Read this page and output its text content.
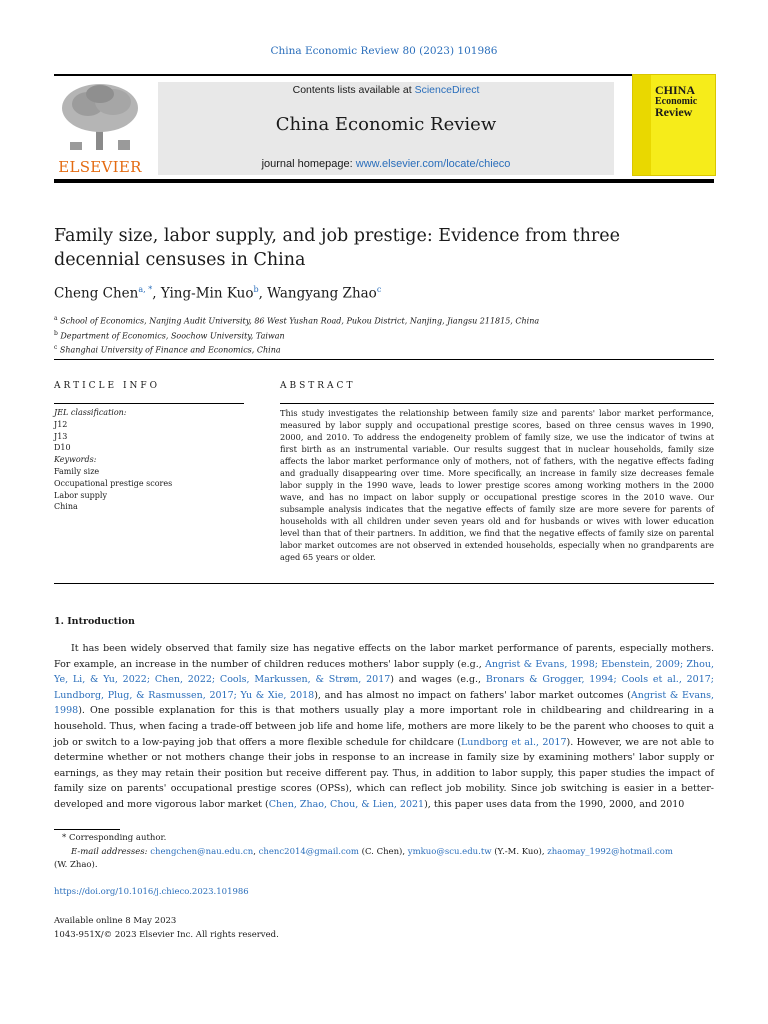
China Economic Review 80 (2023) 101986
ELSEVIER
Contents lists available at ScienceDirect
China Economic Review
journal homepage: www.elsevier.com/locate/chieco
CHINA
Economic
Review
Family size, labor supply, and job prestige: Evidence from three decennial censuses in China
Cheng Chen$^{a, *}$, Ying-Min Kuo$^b$, Wangyang Zhao$^c$
$^a$ School of Economics, Nanjing Audit University, 86 West Yushan Road, Pukou District, Nanjing, Jiangsu 211815, China
$^b$ Department of Economics, Soochow University, Taiwan
$^c$ Shanghai University of Finance and Economics, China
ARTICLE INFO	ABSTRACT
JEL classification:
J12
J13
D10
Keywords:
Family size
Occupational prestige scores
Labor supply
China
This study investigates the relationship between family size and parents' labor market performance, measured by labor supply and occupational prestige scores, based on three census waves in 1990, 2000, and 2010. To address the endogeneity problem of family size, we use the indicator of twins at first birth as an instrumental variable. Our results suggest that in nuclear households, family size affects the labor market performance only of mothers, not of fathers, with the negative effects fading and gradually disappearing over time. More specifically, an increase in family size decreases female labor supply in the 1990 wave, leads to lower prestige scores among working mothers in the 2000 wave, and has no impact on labor supply or occupational prestige scores in the 2010 wave. Our subsample analysis indicates that the negative effects of family size are more severe for parents of households with all children under seven years old and for husbands or wives with lower education level than that of their partners. In addition, we find that the negative effects of family size on parental labor market outcomes are not observed in extended households, especially when no grandparents are aged 65 years or older.
1. Introduction
It has been widely observed that family size has negative effects on the labor market performance of parents, especially mothers. For example, an increase in the number of children reduces mothers' labor supply (e.g., Angrist & Evans, 1998; Ebenstein, 2009; Zhou, Ye, Li, & Yu, 2022; Chen, 2022; Cools, Markussen, & Strøm, 2017) and wages (e.g., Bronars & Grogger, 1994; Cools et al., 2017; Lundborg, Plug, & Rasmussen, 2017; Yu & Xie, 2018), and has almost no impact on fathers' labor market outcomes (Angrist & Evans, 1998). One possible explanation for this is that mothers usually play a more important role in childbearing and childrearing in a household. Thus, when facing a trade-off between job life and home life, mothers are more likely to be the parent who chooses to quit a job or switch to a low-paying job that offers a more flexible schedule for childcare (Lundborg et al., 2017). However, we are not able to determine whether or not mothers change their jobs in response to an increase in family size by examining mothers' labor supply or earnings, as they may retain their position but receive different pay. Thus, in addition to labor supply, this paper studies the impact of family size on parents' occupational prestige scores (OPSs), which can reflect job mobility. Since job switching is easier in a better-developed and more vigorous labor market (Chen, Zhao, Chou, & Lien, 2021), this paper uses data from the 1990, 2000, and 2010
* Corresponding author.
E-mail addresses: chengchen@nau.edu.cn, chenc2014@gmail.com (C. Chen), ymkuo@scu.edu.tw (Y.-M. Kuo), zhaomay_1992@hotmail.com
(W. Zhao).
https://doi.org/10.1016/j.chieco.2023.101986
Available online 8 May 2023
1043-951X/© 2023 Elsevier Inc. All rights reserved.
